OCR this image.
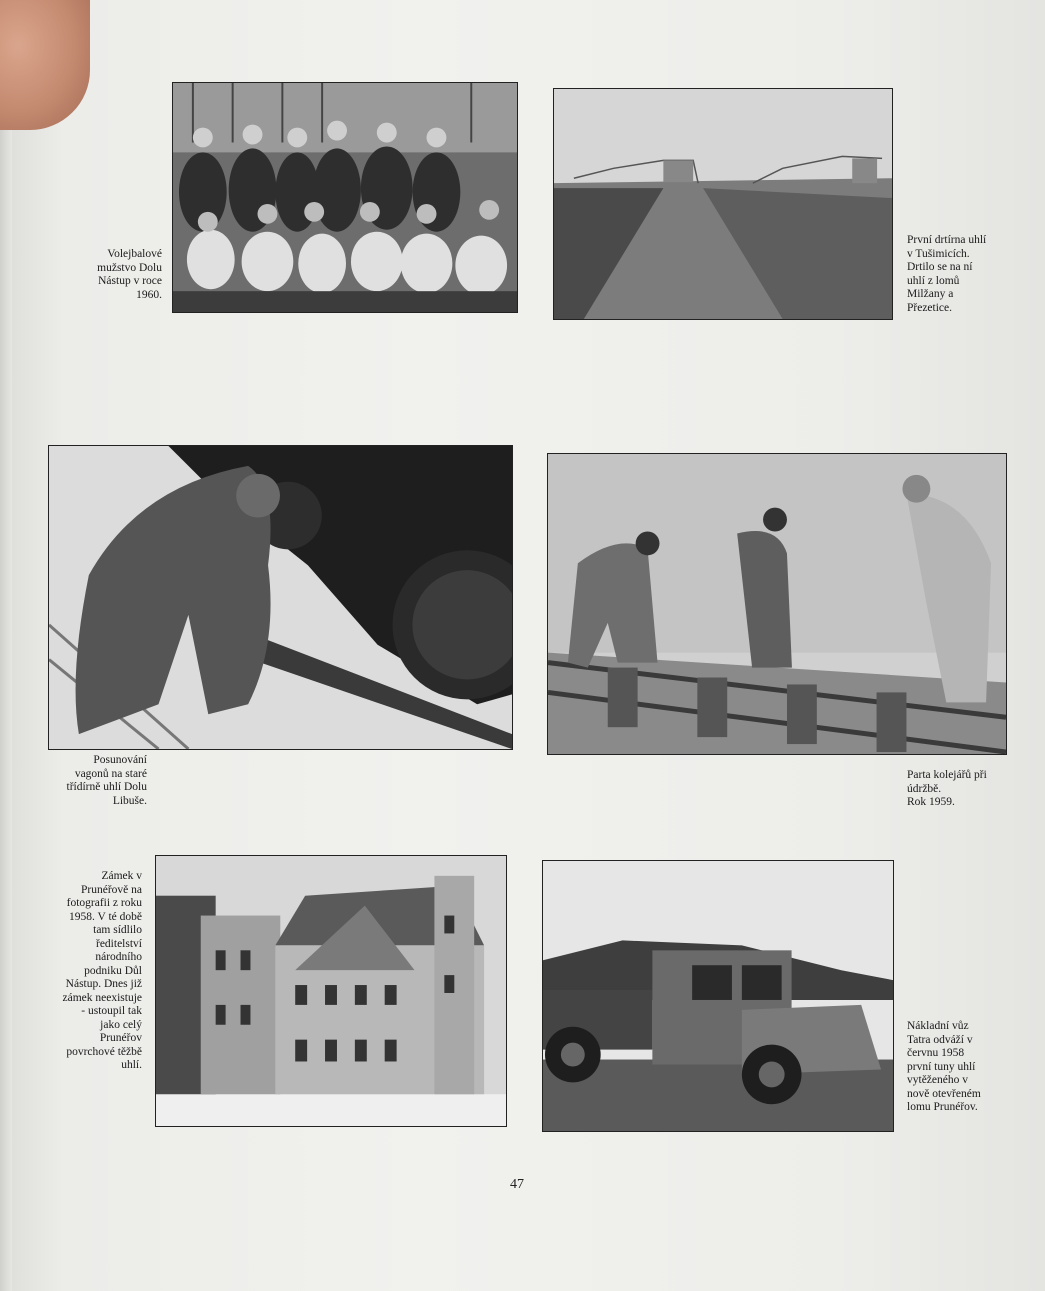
Volejbalové
mužstvo Dolu
Nástup v roce
1960.
První drtírna uhlí
v Tušimicích.
Drtilo se na ní
uhlí z lomů
Milžany a
Přezetice.
Posunování
vagonů na staré
třídírně uhlí Dolu
Libuše.
Parta kolejářů při
údržbě.
Rok 1959.
Zámek v
Prunéřově na
fotografii z roku
1958. V té době
tam sídlilo
ředitelství
národního
podniku Důl
Nástup. Dnes již
zámek neexistuje
- ustoupil tak
jako celý
Prunéřov
povrchové těžbě
uhlí.
Nákladní vůz
Tatra odváží v
červnu 1958
první tuny uhlí
vytěženého v
nově otevřeném
lomu Prunéřov.
47
